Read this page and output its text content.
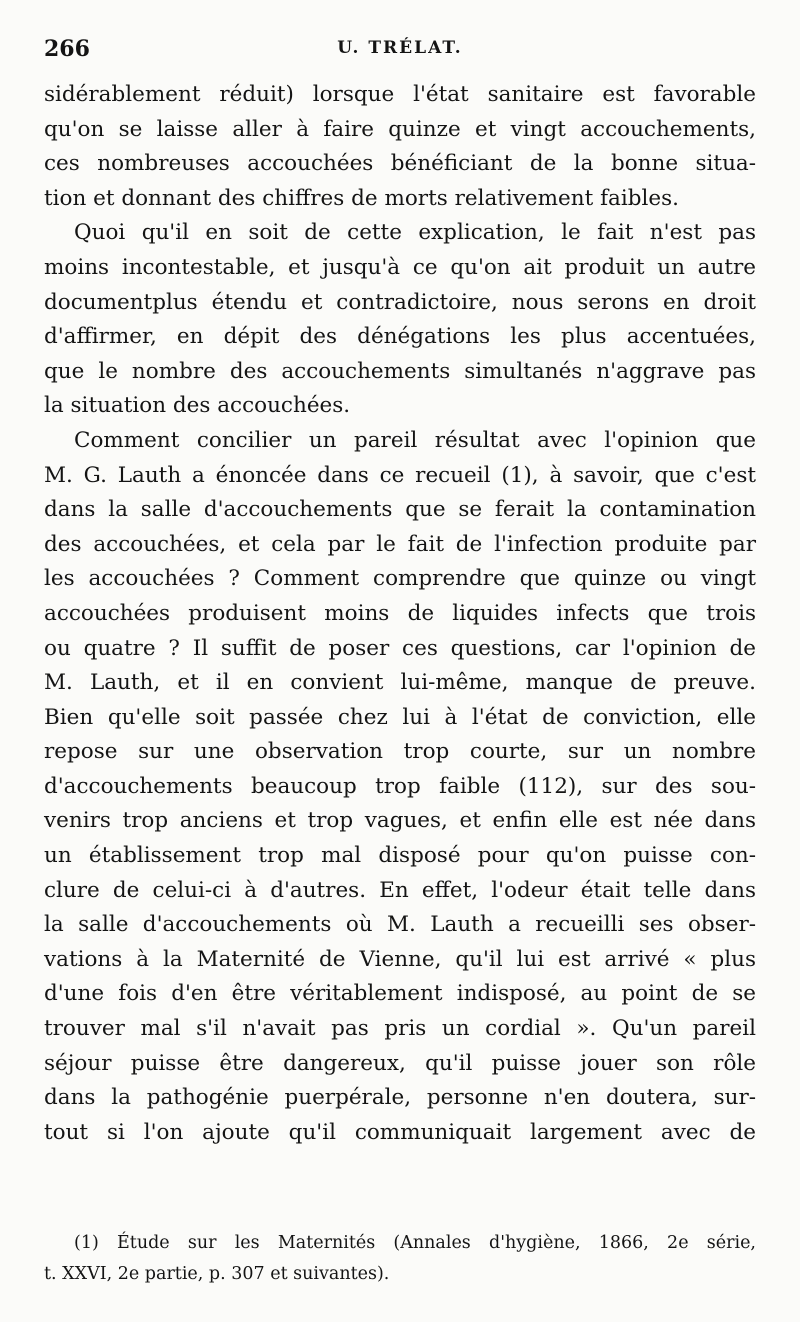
266	U. TRÉLAT.
sidérablement réduit) lorsque l'état sanitaire est favorable
qu'on se laisse aller à faire quinze et vingt accouchements,
ces nombreuses accouchées bénéficiant de la bonne situa-
tion et donnant des chiffres de morts relativement faibles.
Quoi qu'il en soit de cette explication, le fait n'est pas
moins incontestable, et jusqu'à ce qu'on ait produit un autre
documentplus étendu et contradictoire, nous serons en droit
d'affirmer, en dépit des dénégations les plus accentuées,
que le nombre des accouchements simultanés n'aggrave pas
la situation des accouchées.
Comment concilier un pareil résultat avec l'opinion que
M. G. Lauth a énoncée dans ce recueil (1), à savoir, que c'est
dans la salle d'accouchements que se ferait la contamination
des accouchées, et cela par le fait de l'infection produite par
les accouchées ? Comment comprendre que quinze ou vingt
accouchées produisent moins de liquides infects que trois
ou quatre ? Il suffit de poser ces questions, car l'opinion de
M. Lauth, et il en convient lui-même, manque de preuve.
Bien qu'elle soit passée chez lui à l'état de conviction, elle
repose sur une observation trop courte, sur un nombre
d'accouchements beaucoup trop faible (112), sur des sou-
venirs trop anciens et trop vagues, et enfin elle est née dans
un établissement trop mal disposé pour qu'on puisse con-
clure de celui-ci à d'autres. En effet, l'odeur était telle dans
la salle d'accouchements où M. Lauth a recueilli ses obser-
vations à la Maternité de Vienne, qu'il lui est arrivé « plus
d'une fois d'en être véritablement indisposé, au point de se
trouver mal s'il n'avait pas pris un cordial ». Qu'un pareil
séjour puisse être dangereux, qu'il puisse jouer son rôle
dans la pathogénie puerpérale, personne n'en doutera, sur-
tout si l'on ajoute qu'il communiquait largement avec de
(1) Étude sur les Maternités (Annales d'hygiène, 1866, 2e série,
t. XXVI, 2e partie, p. 307 et suivantes).
